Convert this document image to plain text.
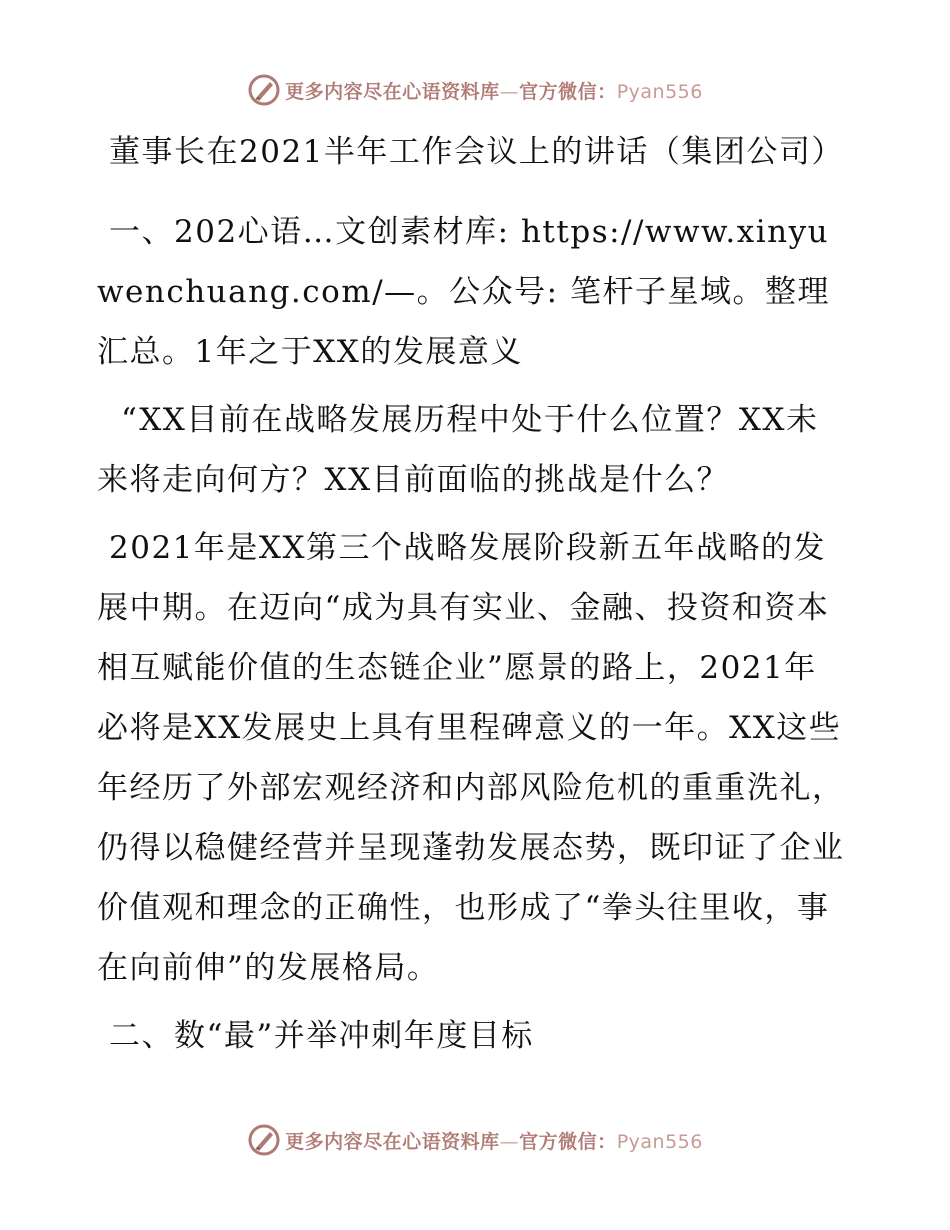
更多内容尽在心语资料库—官方微信：Pyan556

董事长在2021半年工作会议上的讲话（集团公司）

一、202心语…文创素材库: https://www.xinyuwenchuang.com/—。公众号: 笔杆子星域。整理汇总。1年之于XX的发展意义

“XX目前在战略发展历程中处于什么位置？XX未来将走向何方？XX目前面临的挑战是什么？

2021年是XX第三个战略发展阶段新五年战略的发展中期。在迈向“成为具有实业、金融、投资和资本相互赋能价值的生态链企业”愿景的路上，2021年必将是XX发展史上具有里程碑意义的一年。XX这些年经历了外部宏观经济和内部风险危机的重重洗礼，仍得以稳健经营并呈现蓬勃发展态势，既印证了企业价值观和理念的正确性，也形成了“拳头往里收，事在向前伸”的发展格局。

二、数“最”并举冲刺年度目标

更多内容尽在心语资料库—官方微信：Pyan556
